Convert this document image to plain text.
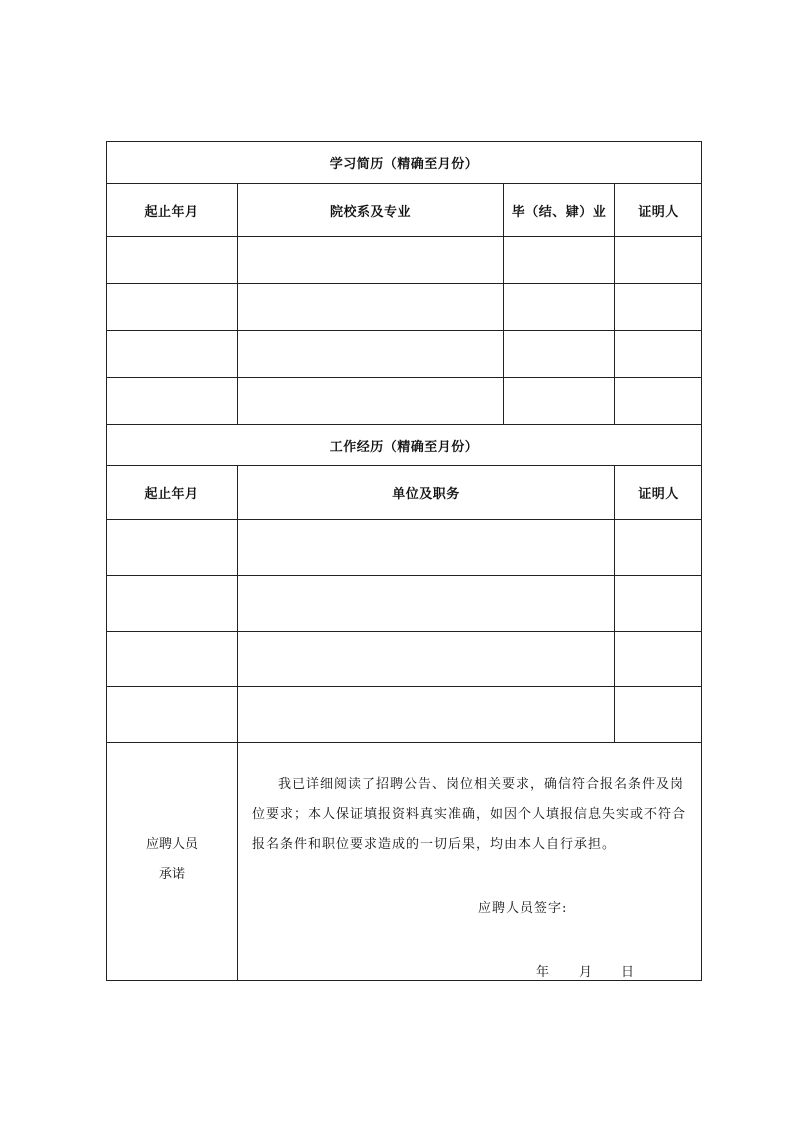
学习简历（精确至月份）
起止年月	院校系及专业	毕（结、肄）业	证明人
工作经历（精确至月份）
起止年月	单位及职务	证明人
应聘人员
承诺
我已详细阅读了招聘公告、岗位相关要求，确信符合报名条件及岗位要求；本人保证填报资料真实准确，如因个人填报信息失实或不符合报名条件和职位要求造成的一切后果，均由本人自行承担。
应聘人员签字:
年 月 日
